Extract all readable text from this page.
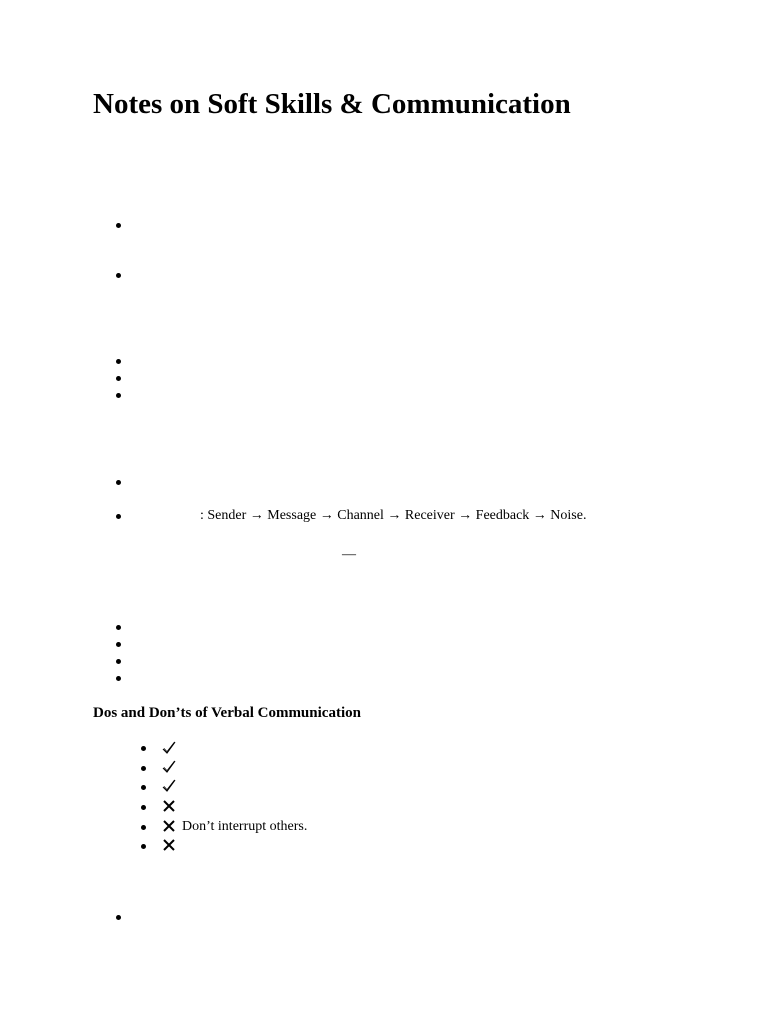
Notes on Soft Skills & Communication
: Sender → Message → Channel → Receiver → Feedback → Noise.
—
Dos and Don’ts of Verbal Communication
Don’t interrupt others.
